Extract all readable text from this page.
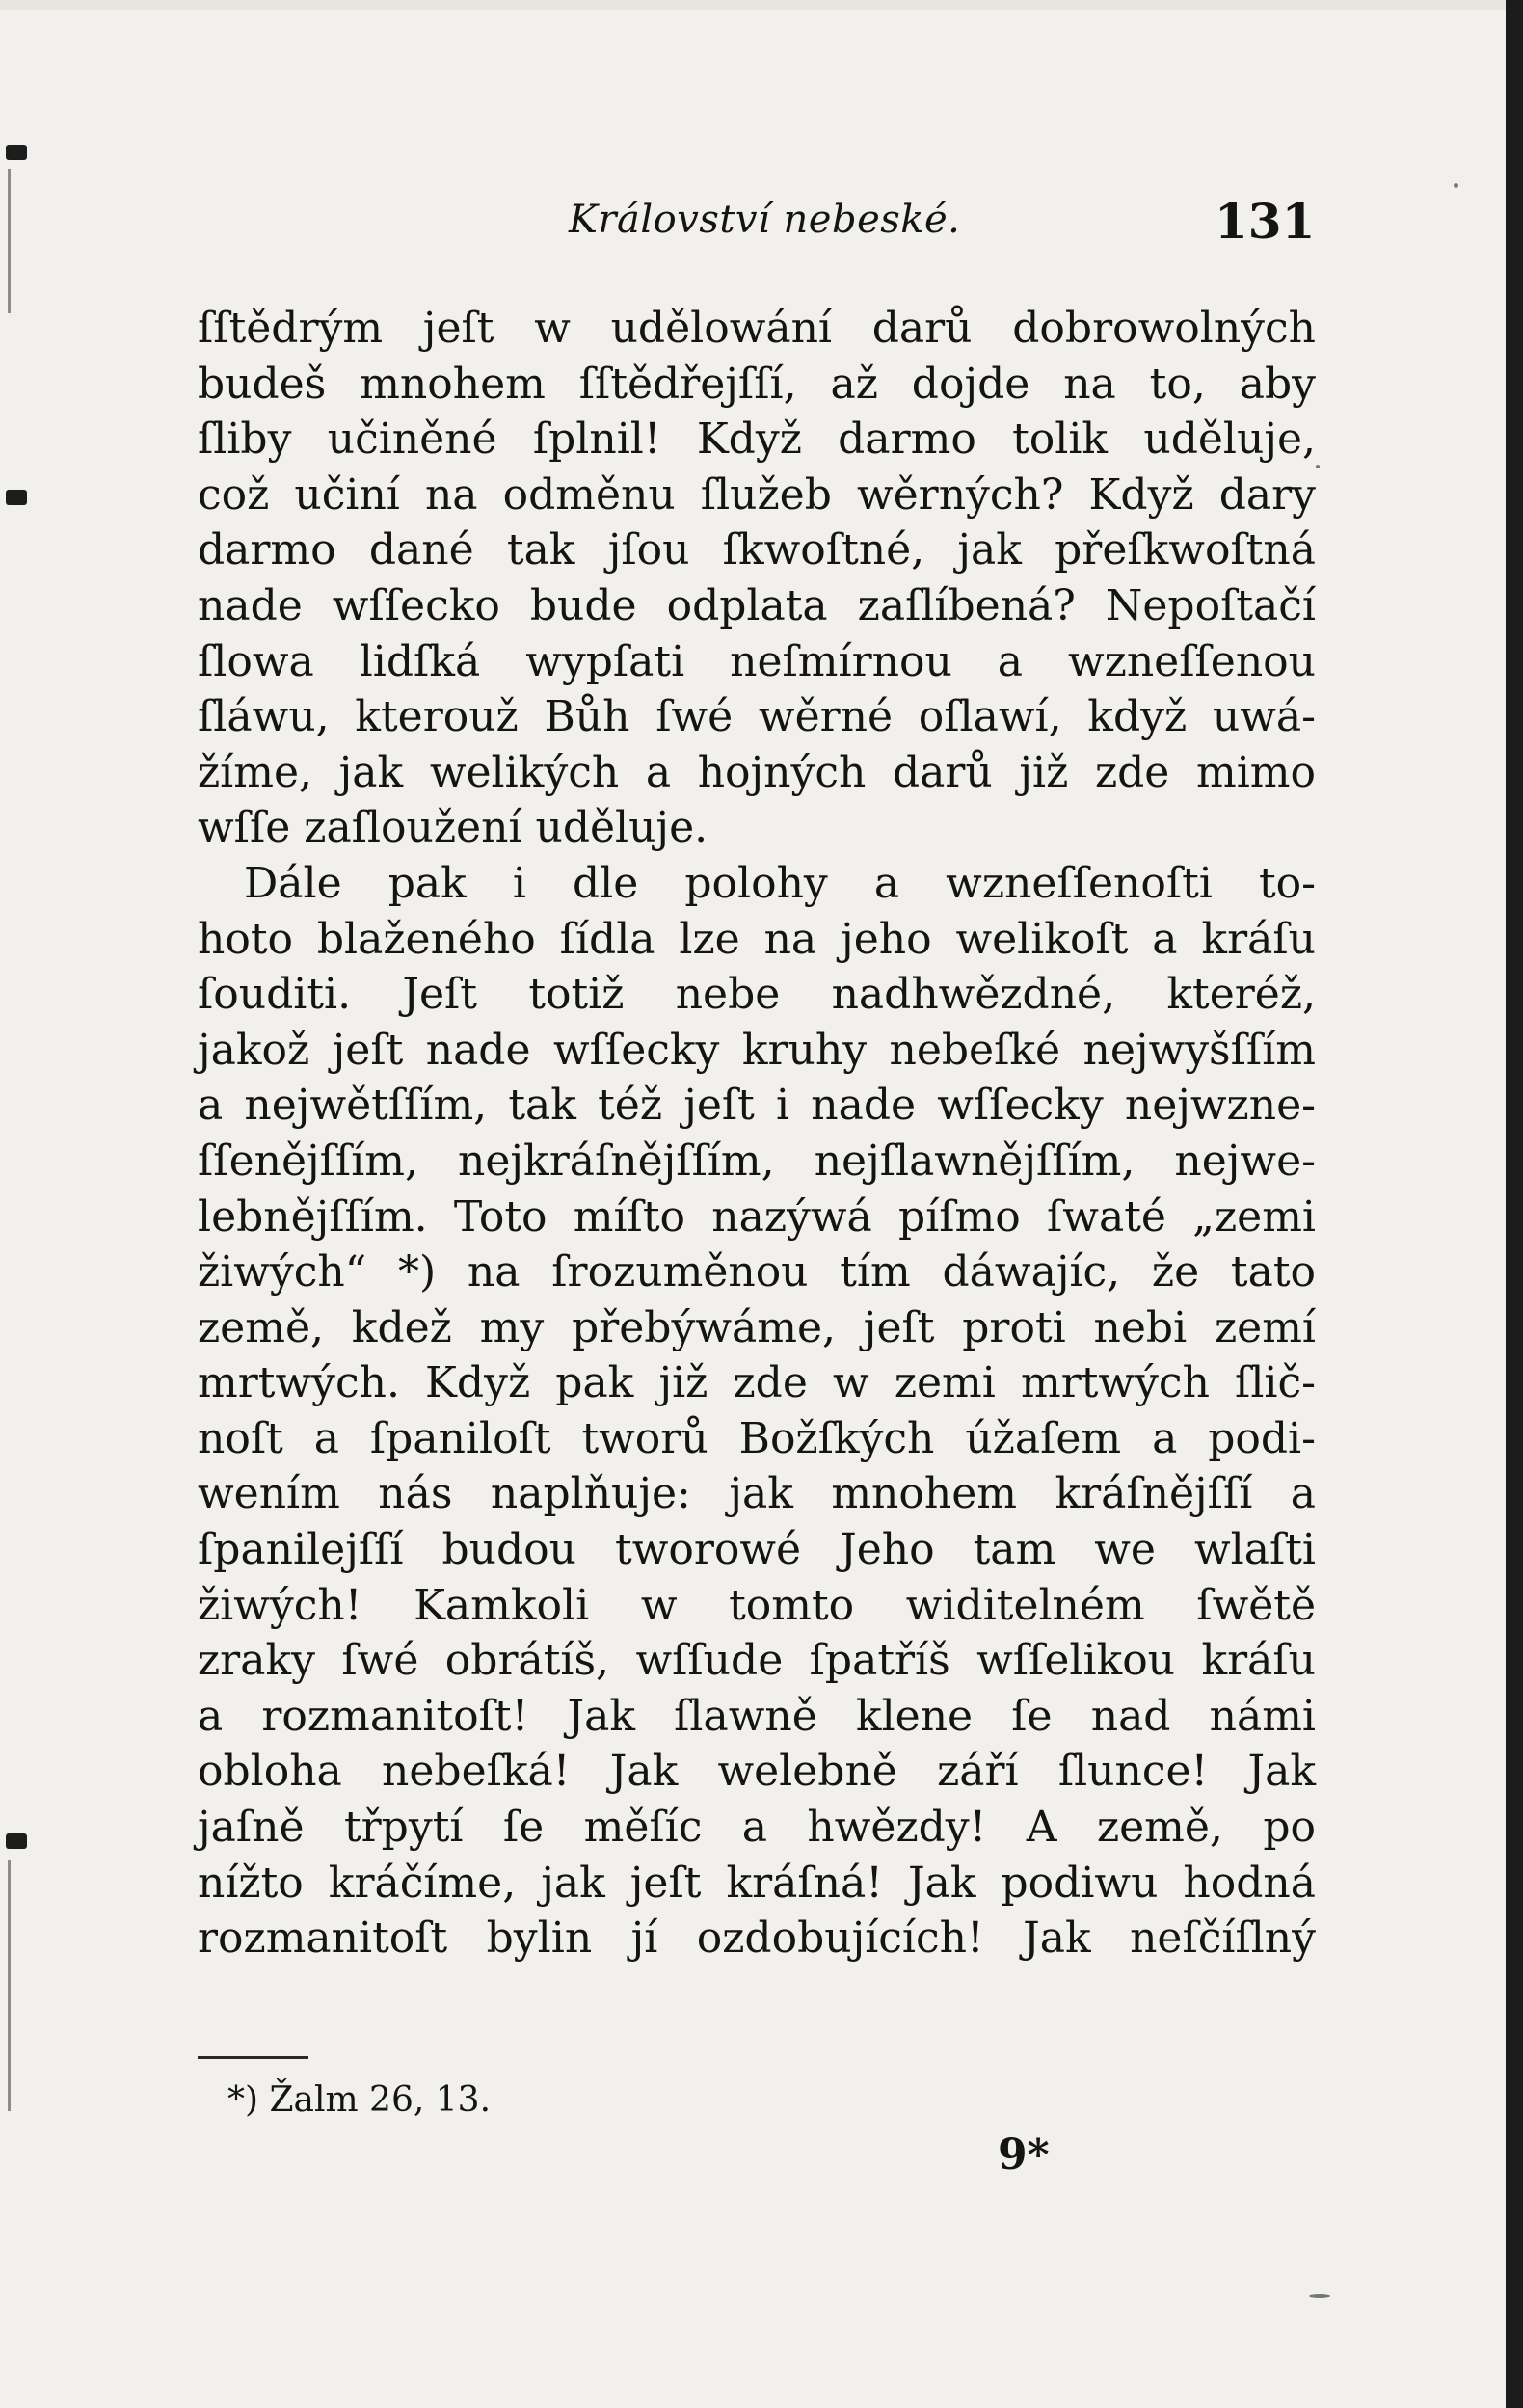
Království nebeské.	131
ſſtědrým jeſt w udělowání darů dobrowolných
budeš mnohem ſſtědřejſſí, až dojde na to, aby
ſliby učiněné ſplnil! Když darmo tolik uděluje,
což učiní na odměnu ſlužeb wěrných? Když dary
darmo dané tak jſou ſkwoſtné, jak přeſkwoſtná
nade wſſecko bude odplata zaſlíbená? Nepoſtačí
ſlowa lidſká wypſati neſmírnou a wzneſſenou
ſláwu, kterouž Bůh ſwé wěrné oſlawí, když uwá-
žíme, jak welikých a hojných darů již zde mimo
wſſe zaſloužení uděluje.
Dále pak i dle polohy a wzneſſenoſti to-
hoto blaženého ſídla lze na jeho welikoſt a kráſu
ſouditi. Jeſt totiž nebe nadhwězdné, kteréž,
jakož jeſt nade wſſecky kruhy nebeſké nejwyšſſím
a nejwětſſím, tak též jeſt i nade wſſecky nejwzne-
ſſeněјſſím, nejkráſněјſſím, nejſlawněјſſím, nejwe-
lebněјſſím. Toto míſto nazýwá píſmo ſwaté „zemi
žiwých“ *) na ſrozuměnou tím dáwajíc, že tato
země, kdež my přebýwáme, jeſt proti nebi zemí
mrtwých. Když pak již zde w zemi mrtwých ſlič-
noſt a ſpaniloſt tworů Božſkých úžaſem a podi-
wením nás naplňuje: jak mnohem kráſněјſſí a
ſpanilejſſí budou tworowé Jeho tam we wlaſti
žiwých! Kamkoli w tomto widitelném ſwětě
zraky ſwé obrátíš, wſſude ſpatříš wſſelikou kráſu
a rozmanitoſt! Jak ſlawně klene ſe nad námi
obloha nebeſká! Jak welebně září ſlunce! Jak
jaſně třpytí ſe měſíc a hwězdy! A země, po
nížto kráčíme, jak jeſt kráſná! Jak podiwu hodná
rozmanitoſt bylin jí ozdobujících! Jak neſčíſlný
*) Žalm 26, 13.
9*
